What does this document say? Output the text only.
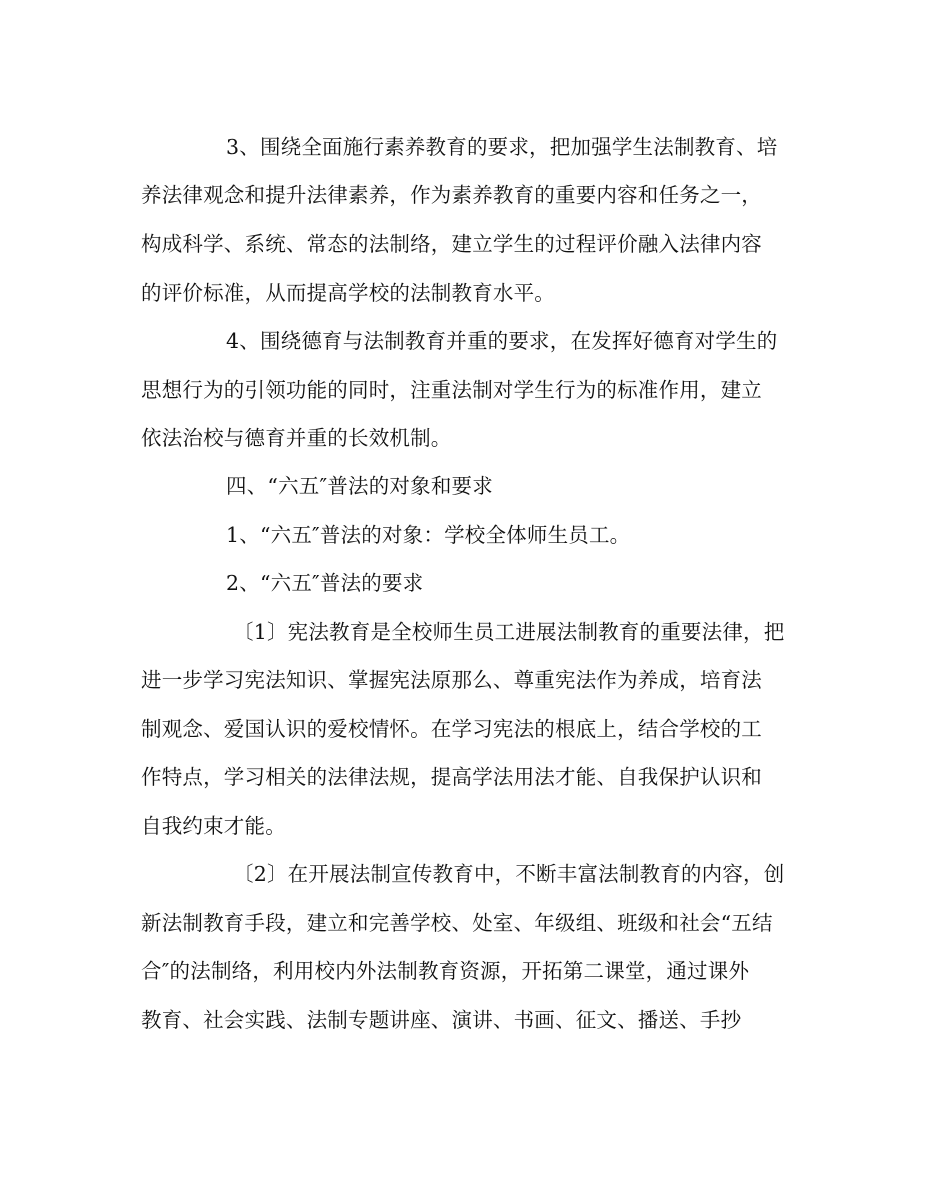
3、围绕全面施行素养教育的要求，把加强学生法制教育、培

养法律观念和提升法律素养，作为素养教育的重要内容和任务之一，

构成科学、系统、常态的法制络，建立学生的过程评价融入法律内容

的评价标准，从而提高学校的法制教育水平。

4、围绕德育与法制教育并重的要求，在发挥好德育对学生的

思想行为的引领功能的同时，注重法制对学生行为的标准作用，建立

依法治校与德育并重的长效机制。

四、“六五″普法的对象和要求

1、“六五″普法的对象：学校全体师生员工。

2、“六五″普法的要求

〔1〕宪法教育是全校师生员工进展法制教育的重要法律，把

进一步学习宪法知识、掌握宪法原那么、尊重宪法作为养成，培育法

制观念、爱国认识的爱校情怀。在学习宪法的根底上，结合学校的工

作特点，学习相关的法律法规，提高学法用法才能、自我保护认识和

自我约束才能。

〔2〕在开展法制宣传教育中，不断丰富法制教育的内容，创

新法制教育手段，建立和完善学校、处室、年级组、班级和社会“五结

合″的法制络，利用校内外法制教育资源，开拓第二课堂，通过课外

教育、社会实践、法制专题讲座、演讲、书画、征文、播送、手抄
